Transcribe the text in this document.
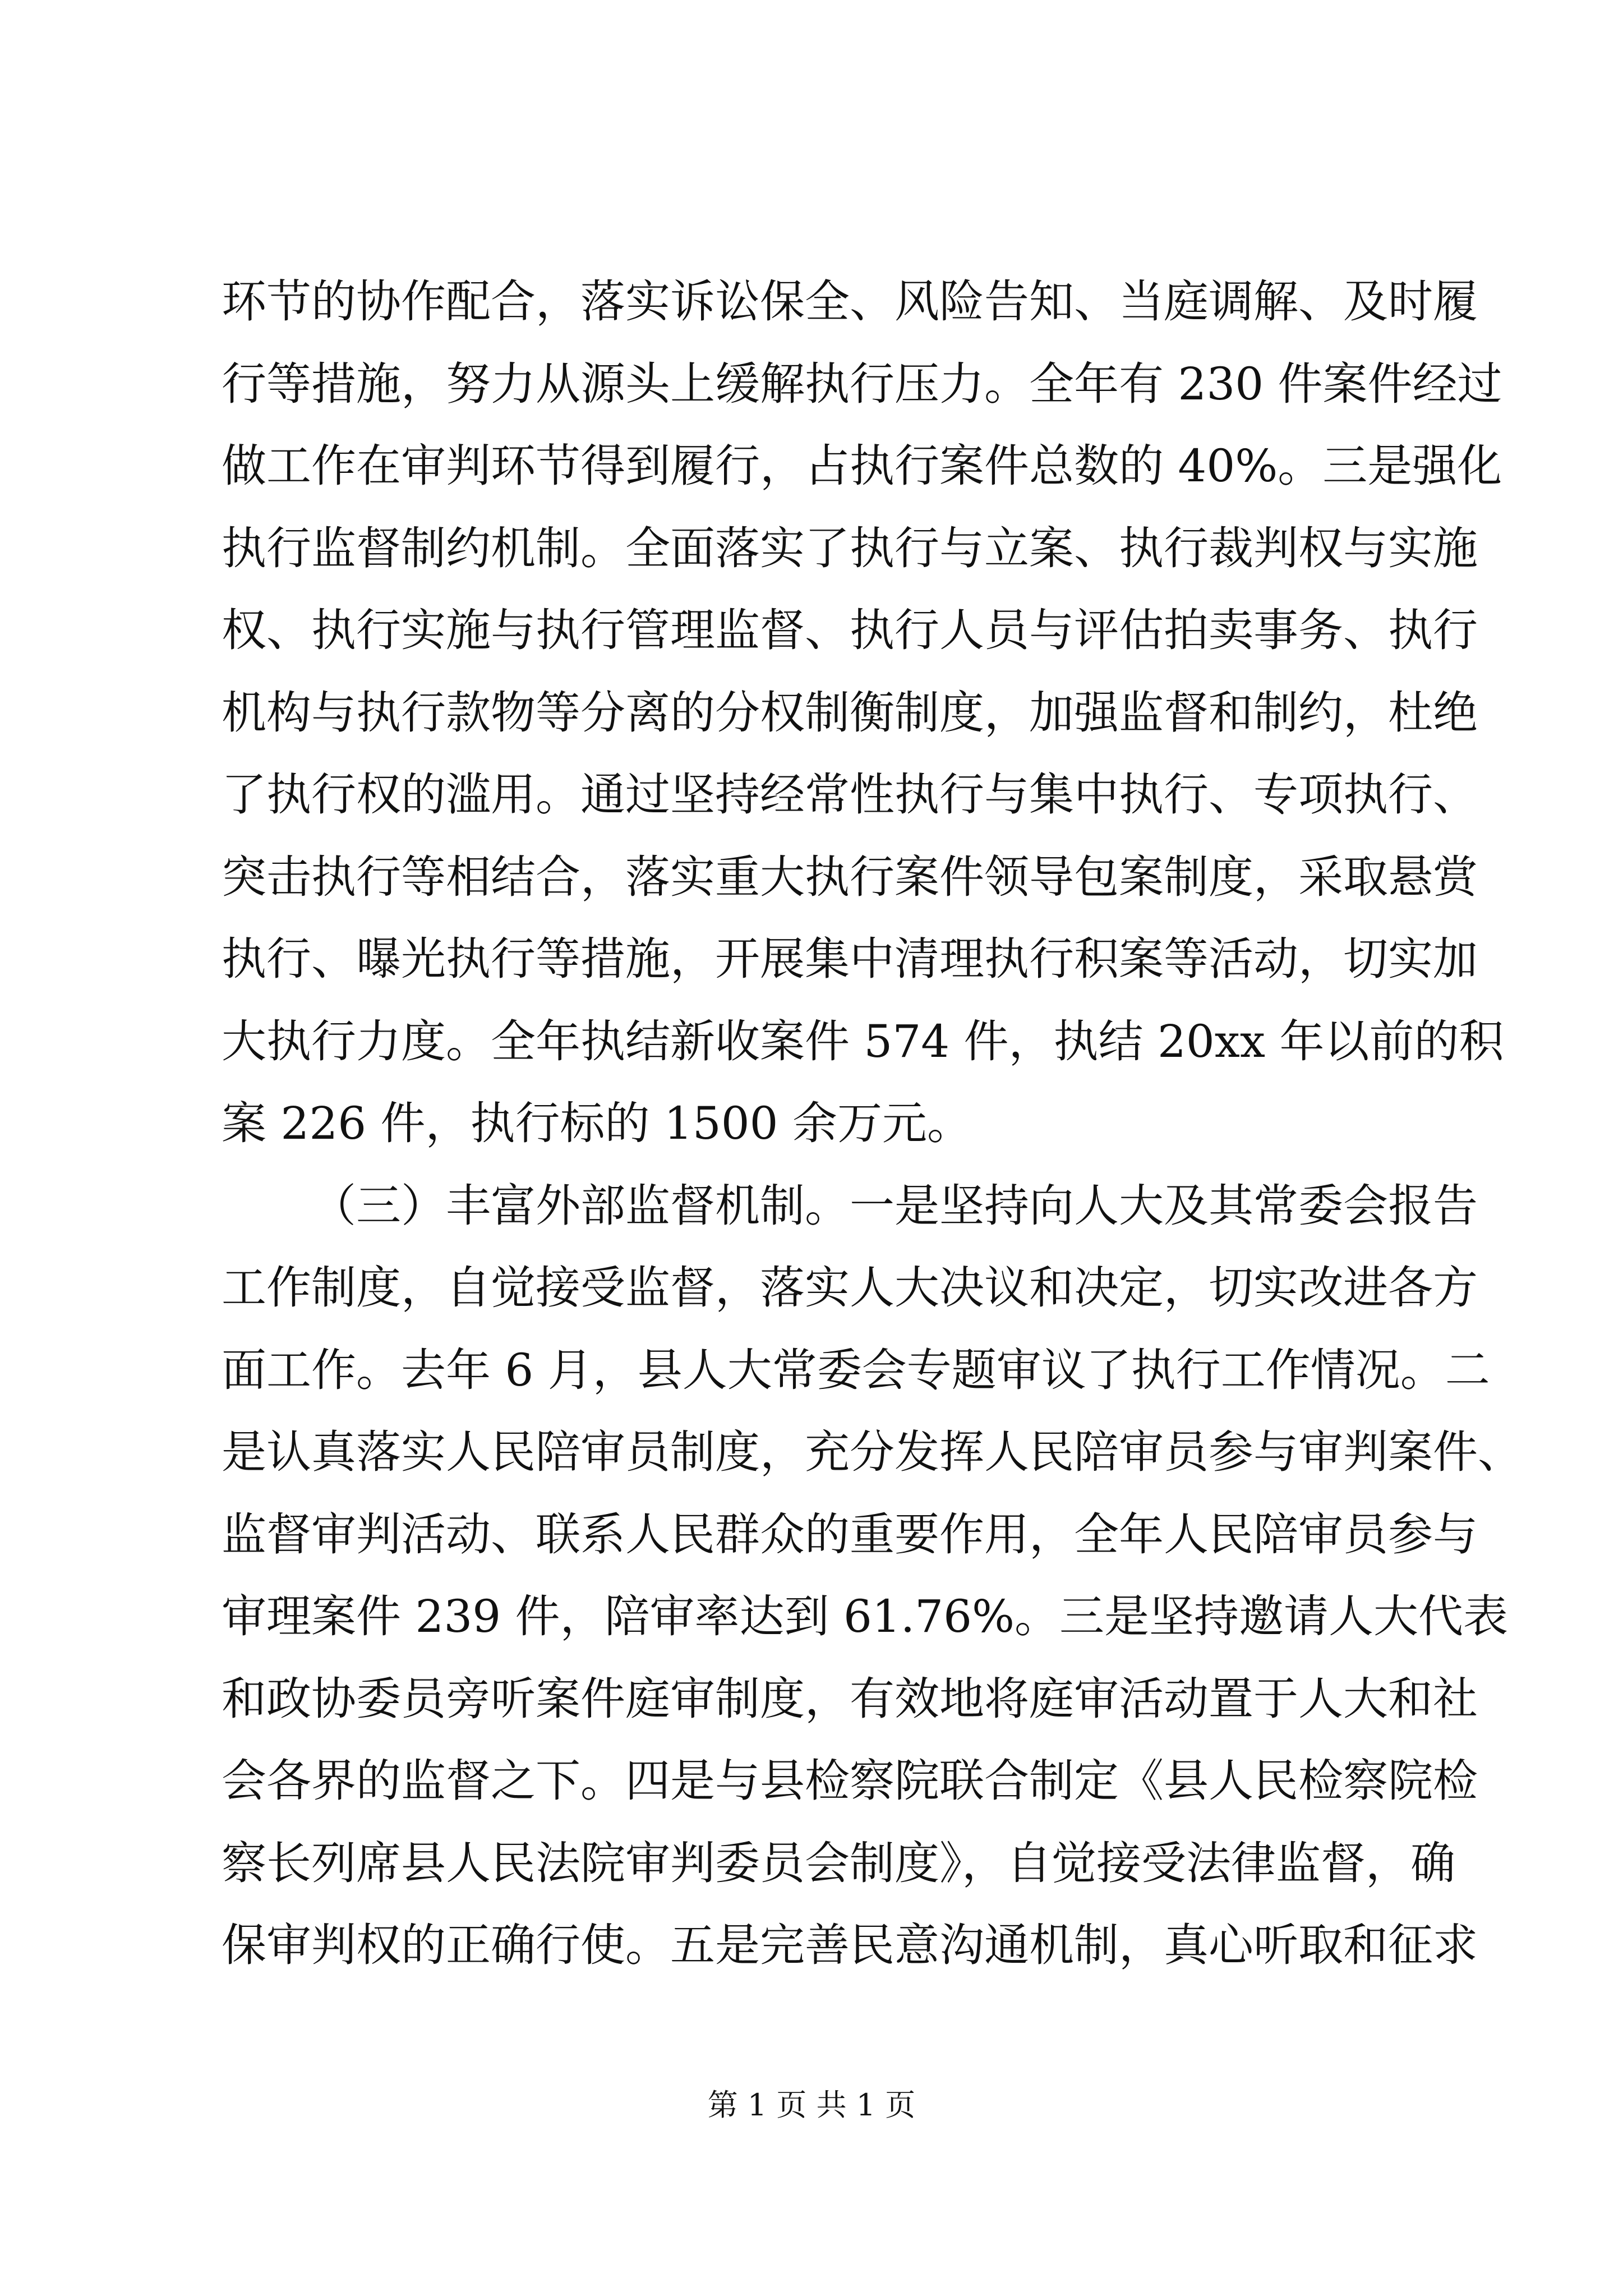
环节的协作配合，落实诉讼保全、风险告知、当庭调解、及时履
行等措施，努力从源头上缓解执行压力。全年有 230 件案件经过
做工作在审判环节得到履行，占执行案件总数的 40%。三是强化
执行监督制约机制。全面落实了执行与立案、执行裁判权与实施
权、执行实施与执行管理监督、执行人员与评估拍卖事务、执行
机构与执行款物等分离的分权制衡制度，加强监督和制约，杜绝
了执行权的滥用。通过坚持经常性执行与集中执行、专项执行、
突击执行等相结合，落实重大执行案件领导包案制度，采取悬赏
执行、曝光执行等措施，开展集中清理执行积案等活动，切实加
大执行力度。全年执结新收案件 574 件，执结 20xx 年以前的积
案 226 件，执行标的 1500 余万元。
（三）丰富外部监督机制。一是坚持向人大及其常委会报告
工作制度，自觉接受监督，落实人大决议和决定，切实改进各方
面工作。去年 6 月，县人大常委会专题审议了执行工作情况。二
是认真落实人民陪审员制度，充分发挥人民陪审员参与审判案件、
监督审判活动、联系人民群众的重要作用，全年人民陪审员参与
审理案件 239 件，陪审率达到 61.76%。三是坚持邀请人大代表
和政协委员旁听案件庭审制度，有效地将庭审活动置于人大和社
会各界的监督之下。四是与县检察院联合制定《县人民检察院检
察长列席县人民法院审判委员会制度》，自觉接受法律监督，确
保审判权的正确行使。五是完善民意沟通机制，真心听取和征求
第 1 页 共 1 页
